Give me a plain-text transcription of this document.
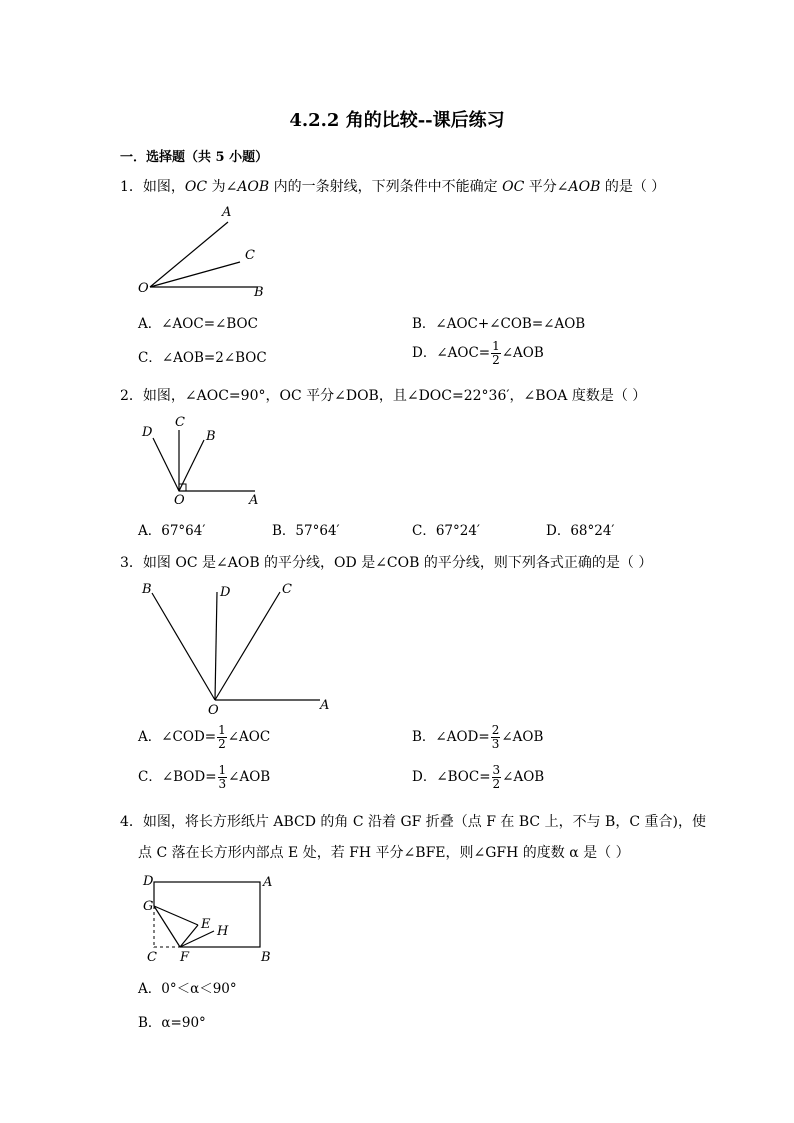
4.2.2 角的比较--课后练习
一．选择题（共 5 小题）
1．如图，OC 为∠AOB 内的一条射线，下列条件中不能确定 OC 平分∠AOB 的是（ ）
A
C
O	B
A．∠AOC=∠BOC	B．∠AOC+∠COB=∠AOB
C．∠AOB=2∠BOC	D．∠AOC= $\frac{1}{2}$ ∠AOB
2．如图，∠AOC=90°，OC 平分∠DOB，且∠DOC=22°36′，∠BOA 度数是（ ）
D
C
B
O	A
A．67°64′	B．57°64′	C．67°24′	D．68°24′
3．如图 OC 是∠AOB 的平分线，OD 是∠COB 的平分线，则下列各式正确的是（ ）
B	D	C
O	A
A．∠COD= $\frac{1}{2}$ ∠AOC	B．∠AOD= $\frac{2}{3}$ ∠AOB
C．∠BOD= $\frac{1}{3}$ ∠AOB	D．∠BOC= $\frac{3}{2}$ ∠AOB
4．如图，将长方形纸片 ABCD 的角 C 沿着 GF 折叠（点 F 在 BC 上，不与 B，C 重合)，使
点 C 落在长方形内部点 E 处，若 FH 平分∠BFE，则∠GFH 的度数 α 是（ ）
D	A
G
E H
C F	B
A．0°＜α＜90°
B．α=90°
